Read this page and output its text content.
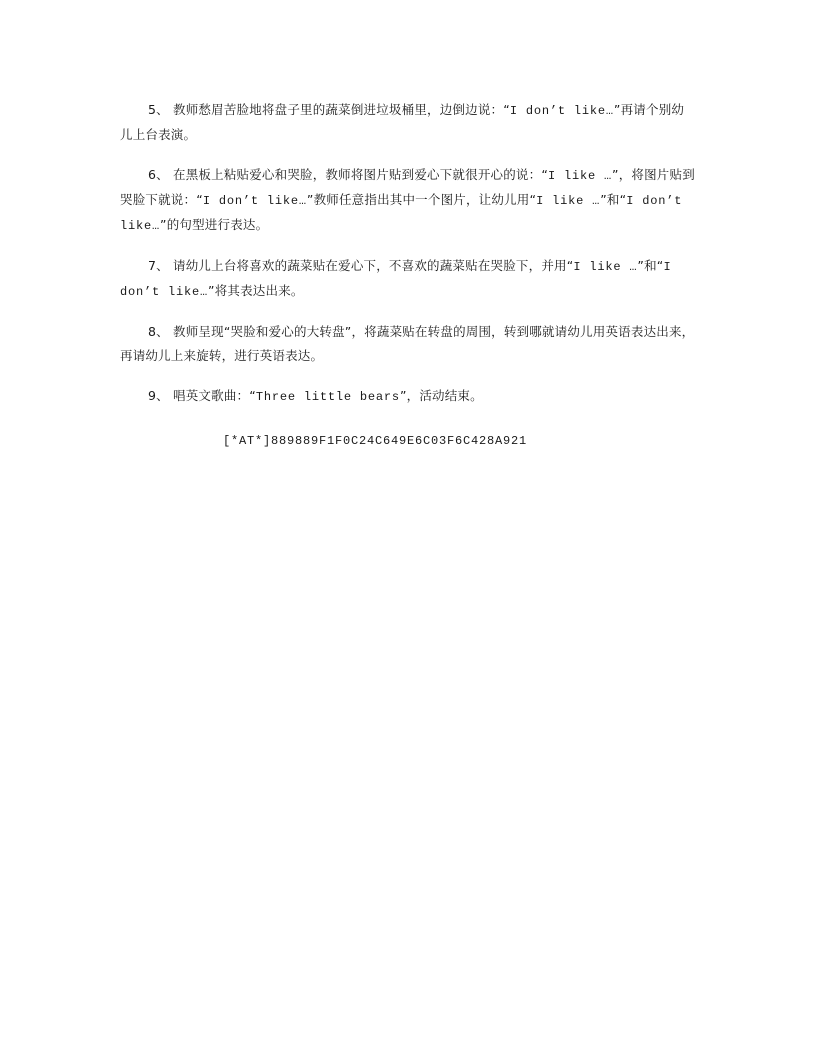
5、 教师愁眉苦脸地将盘子里的蔬菜倒进垃圾桶里，边倒边说：“I don’t like…”再请个别幼儿上台表演。

6、 在黑板上粘贴爱心和哭脸，教师将图片贴到爱心下就很开心的说：“I like …”，将图片贴到哭脸下就说：“I don’t like…”教师任意指出其中一个图片，让幼儿用“I like …”和“I don’t like…”的句型进行表达。

7、 请幼儿上台将喜欢的蔬菜贴在爱心下，不喜欢的蔬菜贴在哭脸下，并用“I like …”和“I don’t like…”将其表达出来。

8、 教师呈现“哭脸和爱心的大转盘”，将蔬菜贴在转盘的周围，转到哪就请幼儿用英语表达出来，再请幼儿上来旋转，进行英语表达。

9、 唱英文歌曲：“Three little bears”，活动结束。

[*AT*]889889F1F0C24C649E6C03F6C428A921
